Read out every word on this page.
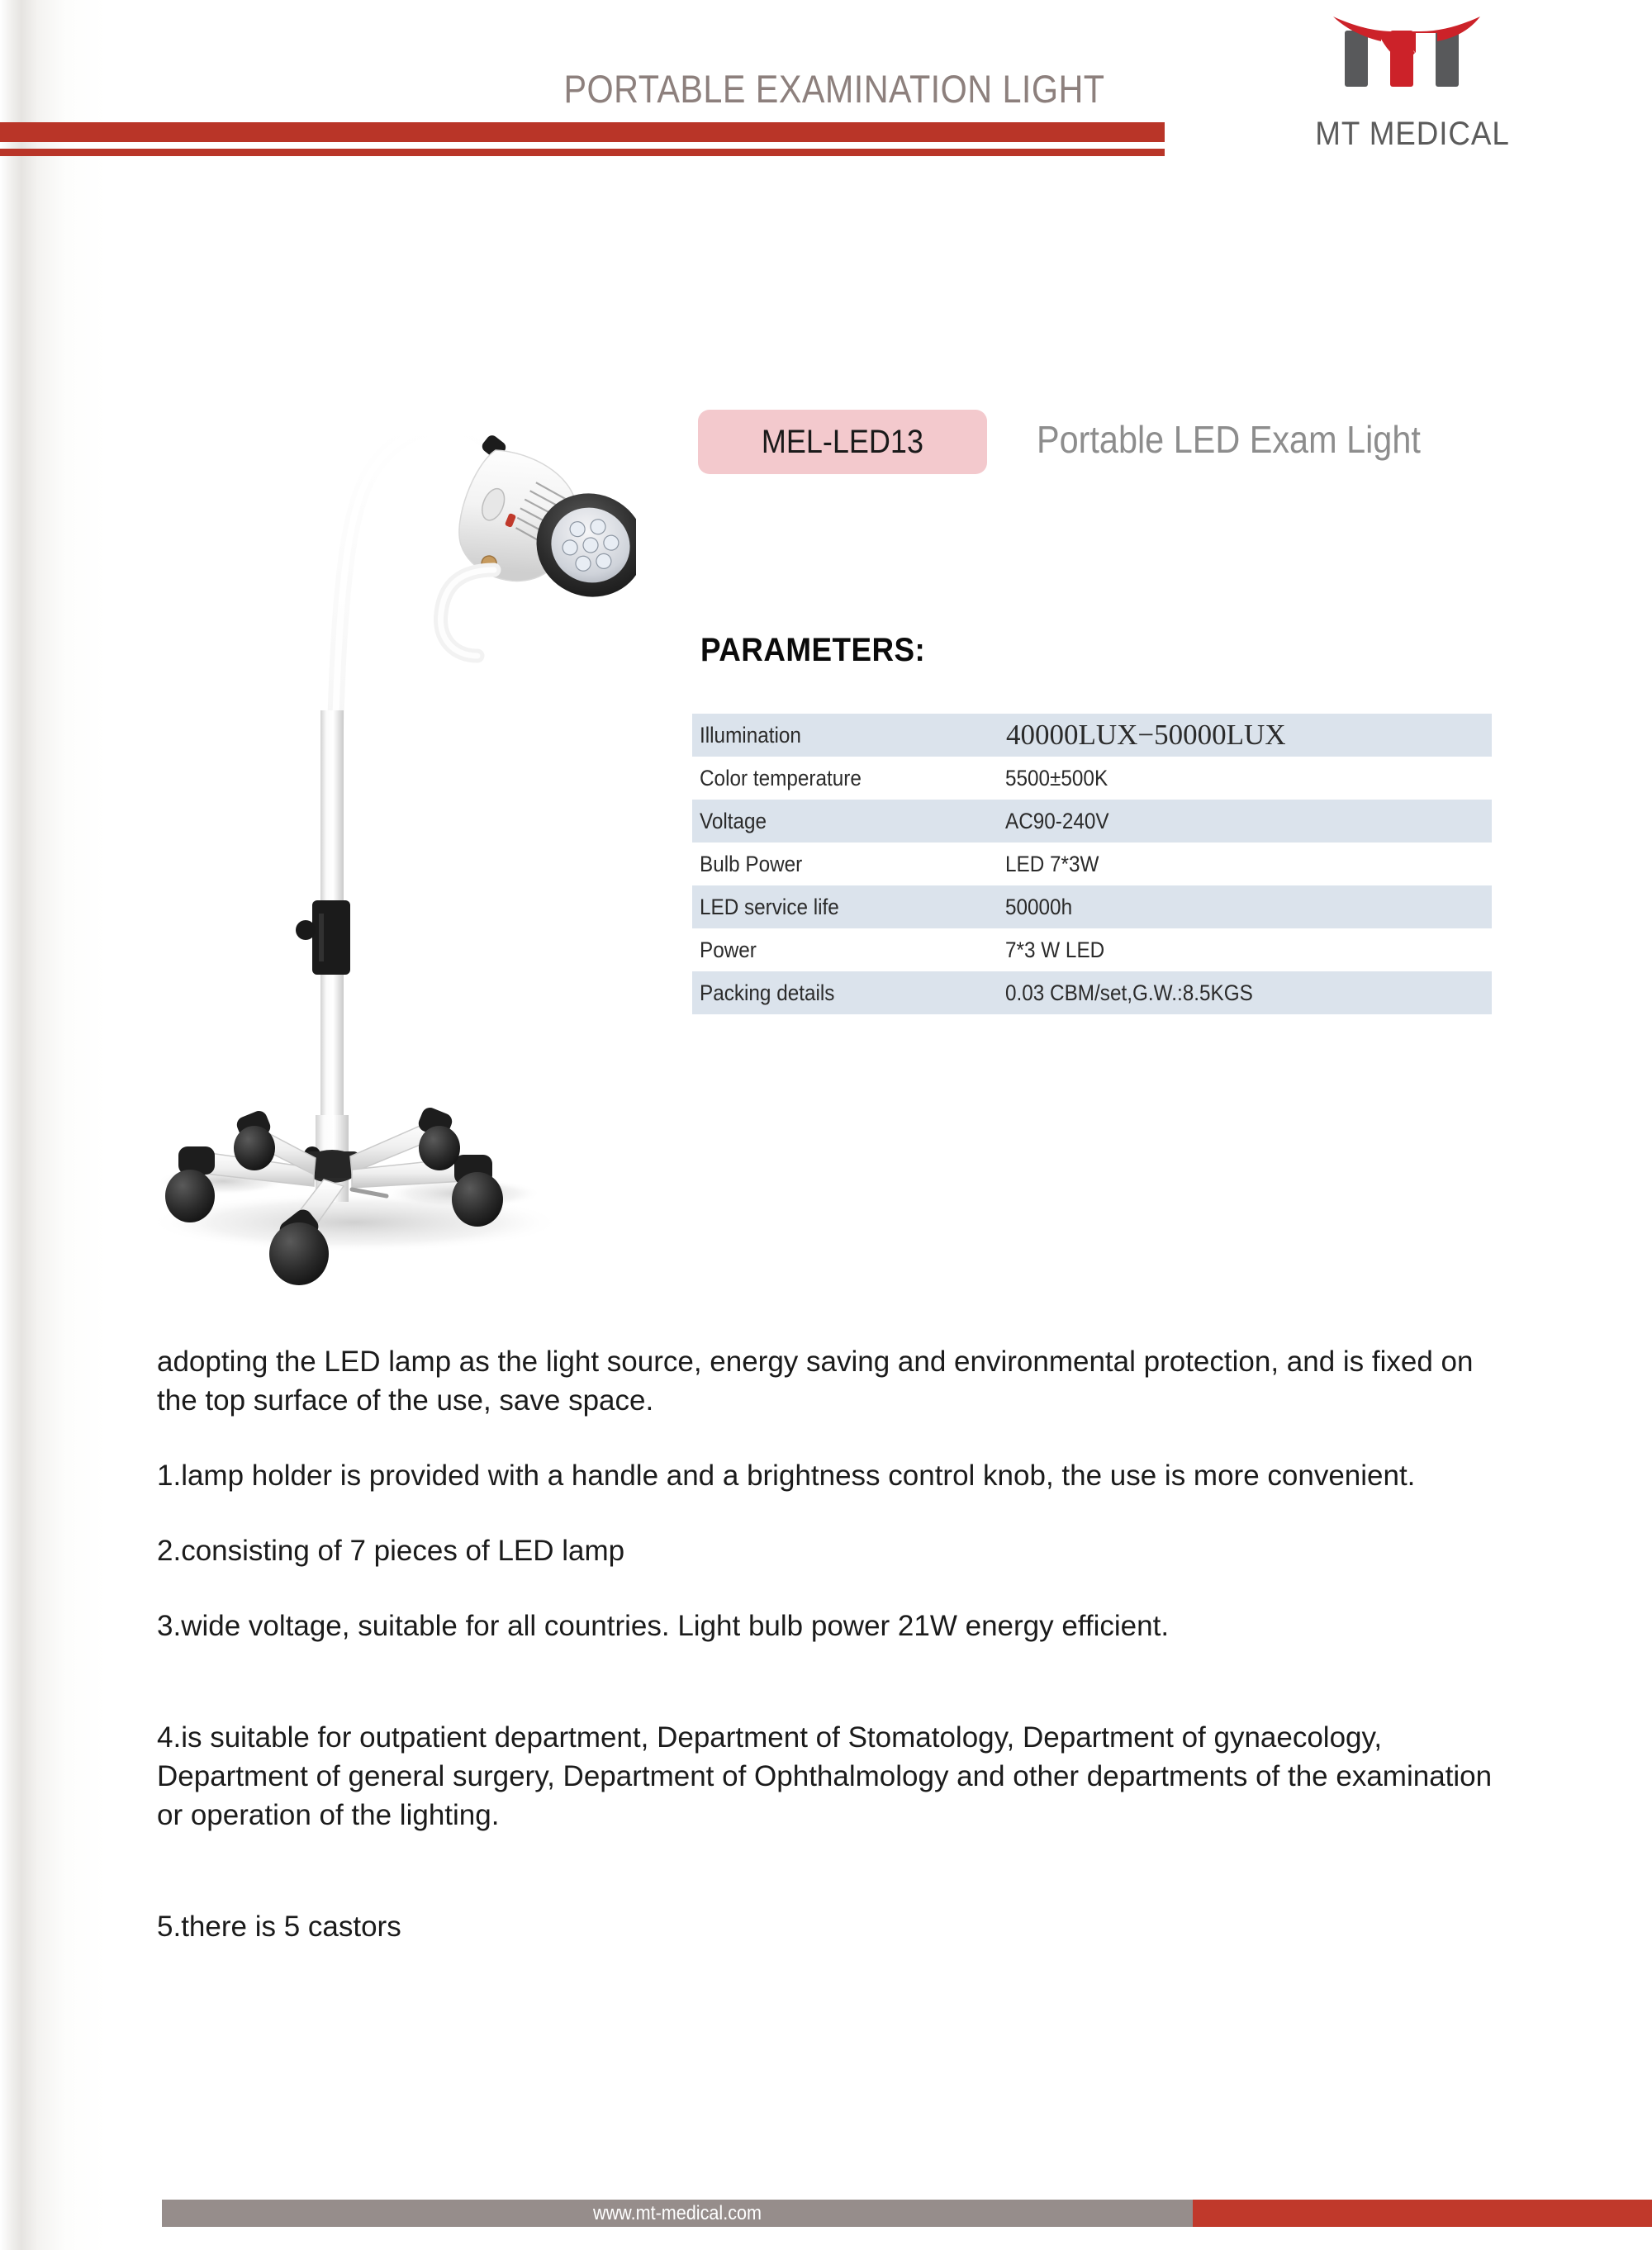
PORTABLE EXAMINATION LIGHT
MT MEDICAL
MEL-LED13	Portable LED Exam Light
PARAMETERS:
Illumination	40000LUX−50000LUX
Color temperature	5500±500K
Voltage	AC90-240V
Bulb Power	LED 7*3W
LED service life	50000h
Power	7*3 W LED
Packing details	0.03 CBM/set,G.W.:8.5KGS

adopting the LED lamp as the light source, energy saving and environmental protection, and is fixed on the top surface of the use, save space.

1.lamp holder is provided with a handle and a brightness control knob, the use is more convenient.

2.consisting of 7 pieces of LED lamp

3.wide voltage, suitable for all countries. Light bulb power 21W energy efficient.

4.is suitable for outpatient department, Department of Stomatology, Department of gynaecology, Department of general surgery, Department of Ophthalmology and other departments of the examination or operation of the lighting.

5.there is 5 castors

www.mt-medical.com
